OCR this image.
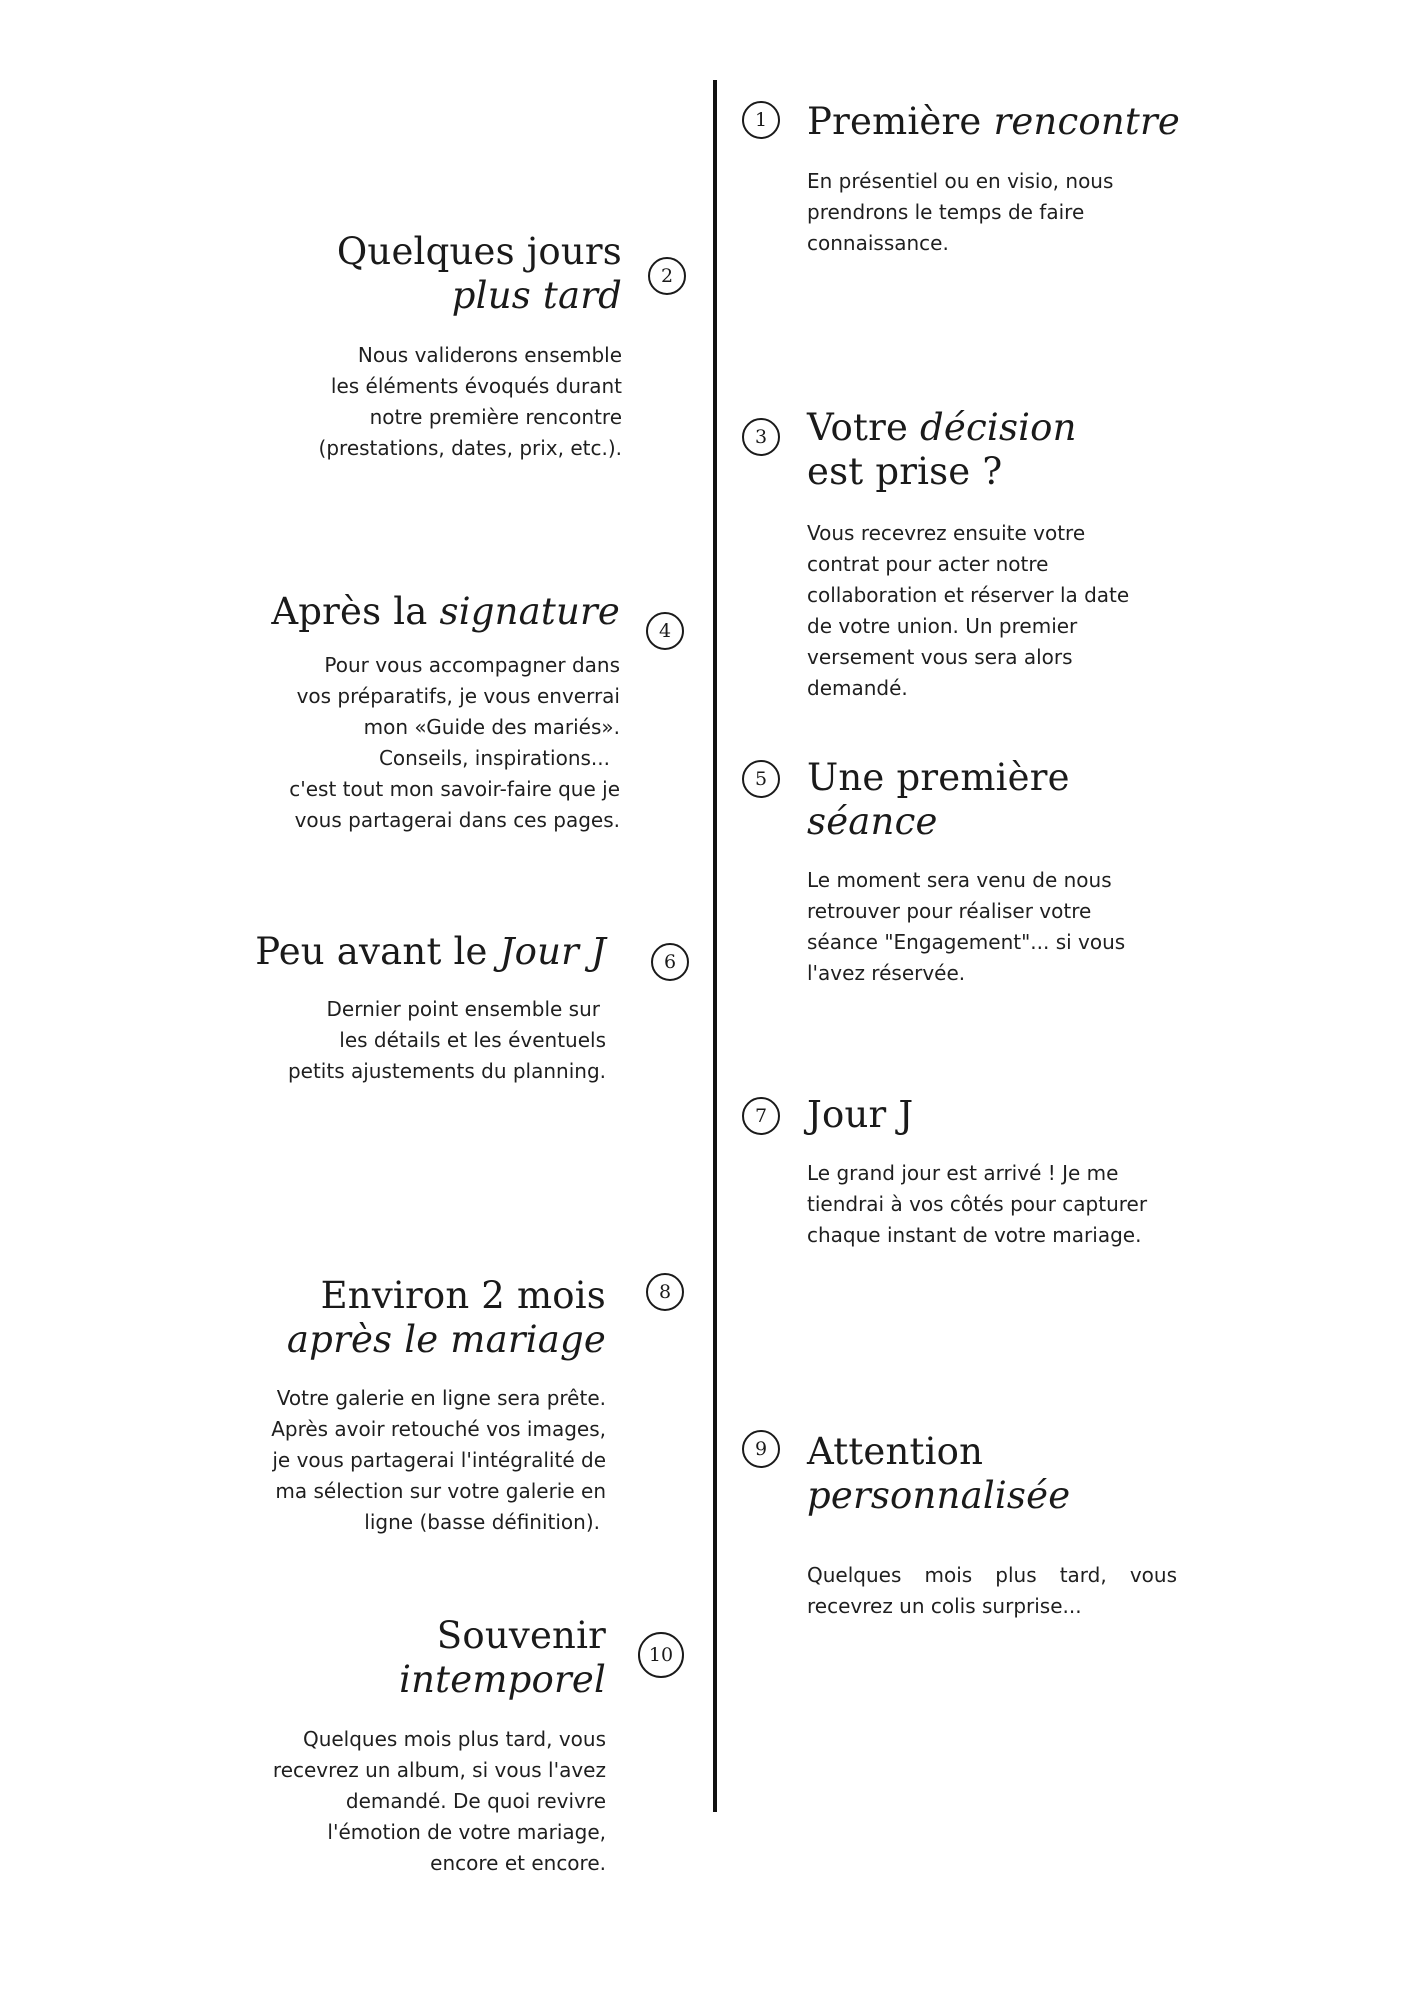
1 Première rencontre

En présentiel ou en visio, nous
prendrons le temps de faire
connaissance.

2
Quelques jours
plus tard

Nous validerons ensemble
les éléments évoqués durant
notre première rencontre
(prestations, dates, prix, etc.).	3 Votre décision
est prise ?

Vous recevrez ensuite votre
contrat pour acter notre
collaboration et réserver la date
de votre union. Un premier
versement vous sera alors
demandé.

4
Après la signature

Pour vous accompagner dans
vos préparatifs, je vous enverrai
mon «Guide des mariés».
Conseils, inspirations...
c'est tout mon savoir-faire que je
vous partagerai dans ces pages.

5 Une première séance

Le moment sera venu de nous
retrouver pour réaliser votre
séance "Engagement"... si vous
l'avez réservée.

6
Peu avant le Jour J

Dernier point ensemble sur
les détails et les éventuels
petits ajustements du planning.

7 Jour J

Le grand jour est arrivé ! Je me
tiendrai à vos côtés pour capturer
chaque instant de votre mariage.

8
Environ 2 mois
après le mariage

Votre galerie en ligne sera prête.
Après avoir retouché vos images,
je vous partagerai l'intégralité de
ma sélection sur votre galerie en
ligne (basse définition).

9 Attention
personnalisée

Quelques mois plus tard, vous
recevrez un colis surprise...

10
Souvenir
intemporel

Quelques mois plus tard, vous
recevrez un album, si vous l'avez
demandé. De quoi revivre
l'émotion de votre mariage,
encore et encore.
